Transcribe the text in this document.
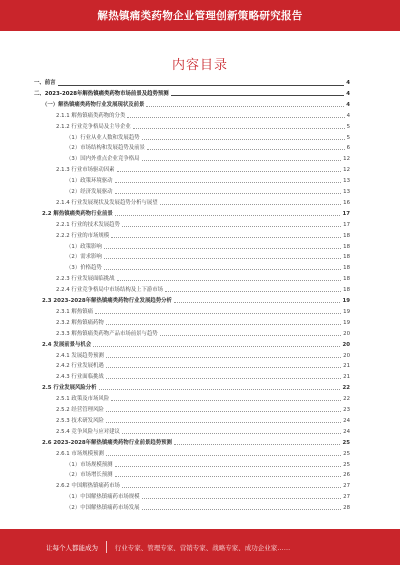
解热镇痛类药物企业管理创新策略研究报告
内容目录
一、前言	4
二、2023-2028年解热镇痛类药物市场前景及趋势预测	4
（一）解热镇痛类药物行业发展现状及前景	4
2.1.1 解热镇痛类药物的分类	4
2.1.2 行业竞争格局及主导企业	5
（1）行业从业人数和发展趋势	5
（2）市场结构和发展趋势及前景	6
（3）国内外重点企业竞争格局	12
2.1.3 行业市场驱动因素	12
（1）政策环境驱动	13
（2）经济发展驱动	13
2.1.4 行业发展现状及发展趋势分析与展望	16
2.2 解热镇痛类药物行业前景	17
2.2.1 行业的技术发展趋势	17
2.2.2 行业的市场规模	18
（1）政策影响	18
（2）需求影响	18
（3）价格趋势	18
2.2.3 行业发展面临挑战	18
2.2.4 行业竞争格局中市场结构及上下游市场	18
2.3 2023-2028年解热镇痛类药物行业发展趋势分析	19
2.3.1 解热镇痛	19
2.3.2 解热镇痛药物	19
2.3.3 解热镇痛类药物产品市场前景与趋势	20
2.4 发展前景与机会	20
2.4.1 发展趋势预测	20
2.4.2 行业发展机遇	21
2.4.3 行业面临挑战	21
2.5 行业发展风险分析	22
2.5.1 政策及市场风险	22
2.5.2 经营管理风险	23
2.5.3 技术研发风险	24
2.5.4 竞争风险与应对建议	24
2.6 2023-2028年解热镇痛类药物行业前景趋势预测	25
2.6.1 市场规模预测	25
（1）市场规模预测	25
（2）市场增长预测	26
2.6.2 中国解热镇痛药市场	27
（1）中国解热镇痛药市场规模	27
（2）中国解热镇痛药市场发展	28
让每个人都能成为	行业专家、管理专家、营销专家、战略专家、成功企业家……
